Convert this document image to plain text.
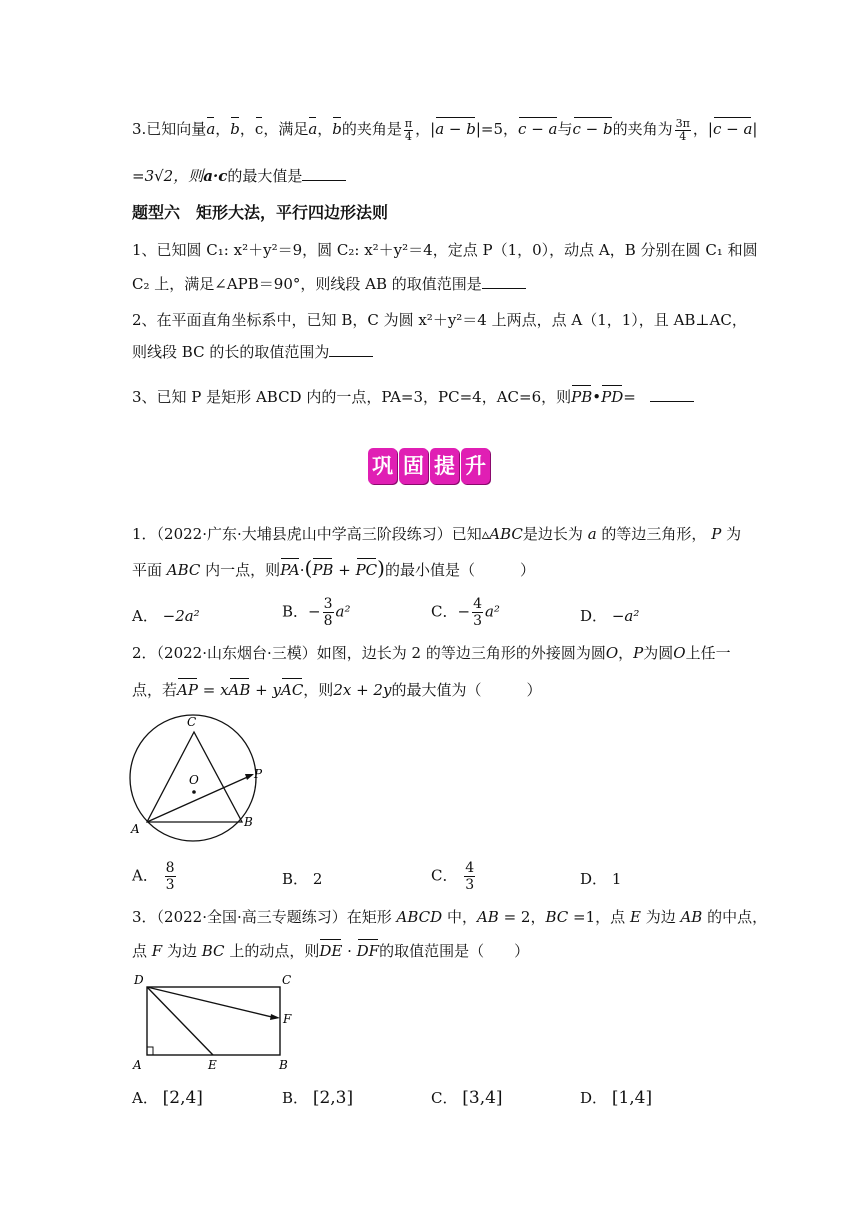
3.已知向量a，b，c，满足a，b的夹角是 $\frac{\pi}{4}$ ，|a − b|=5，c − a与c − b的夹角为 $\frac{3\pi}{4}$ ，|c − a|
=3√2，则a·c的最大值是
题型六　矩形大法，平行四边形法则
1、已知圆 C₁: x²＋y²＝9，圆 C₂: x²＋y²＝4，定点 P（1，0），动点 A，B 分别在圆 C₁ 和圆
C₂ 上，满足∠APB＝90°，则线段 AB 的取值范围是
2、在平面直角坐标系中，已知 B，C 为圆 x²＋y²＝4 上两点，点 A（1，1），且 AB⊥AC，
则线段 BC 的长的取值范围为
3、已知 P 是矩形 ABCD 内的一点，PA=3，PC=4，AC=6，则PB•PD=
巩 固 提 升
1．（2022·广东·大埔县虎山中学高三阶段练习）已知▵ABC是边长为 a 的等边三角形， P 为
平面 ABC 内一点，则PA·(PB + PC)的最小值是（　　　）
A． −2a²	B．− $\frac{3}{8} a^2$	C．− $\frac{4}{3} a^2$	D． −a²
2．（2022·山东烟台·三模）如图，边长为 2 的等边三角形的外接圆为圆O，P为圆O上任一
点，若AP = xAB + yAC，则2x + 2y的最大值为（　　　）
C
O	P
A	B
A． $\frac{8}{3}$	B． 2	C． $\frac{4}{3}$	D． 1
3．（2022·全国·高三专题练习）在矩形 ABCD 中，AB = 2，BC =1，点 E 为边 AB 的中点，
点 F 为边 BC 上的动点，则DE · DF的取值范围是（　　）
D	C
F
A	E	B
A． [2,4]	B． [2,3]	C． [3,4]	D． [1,4]
